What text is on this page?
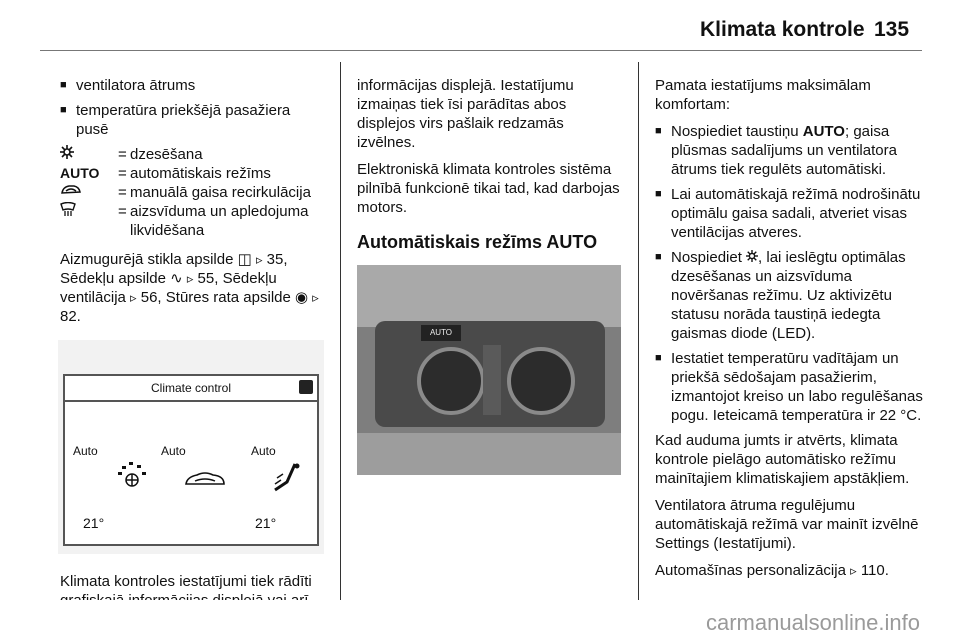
Klimata kontrole 135
■ ventilatora ātrums
■ temperatūra priekšējā pasažiera pusē
= dzesēšana
AUTO	= automātiskais režīms
= manuālā gaisa recirkulācija
= aizsvīduma un apledojuma likvidēšana

Aizmugurējā stikla apsilde ◫ ▹ 35, Sēdekļu apsilde ∿ ▹ 55, Sēdekļu ventilācija ▹ 56, Stūres rata apsilde ◉ ▹ 82.

Climate control
Auto	Auto	Auto
21°	21°

Klimata kontroles iestatījumi tiek rādīti

informācijas displejā. Iestatījumu izmaiņas tiek īsi parādītas abos displejos virs pašlaik redzamās izvēlnes.

Elektroniskā klimata kontroles sistēma pilnībā funkcionē tikai tad, kad darbojas motors.

Automātiskais režīms AUTO
AUTO

Pamata iestatījums maksimālam komfortam:

■ Nospiediet taustiņu AUTO; gaisa plūsmas sadalījums un ventilatora ātrums tiek regulēts automātiski.
■ Lai automātiskajā režīmā nodrošinātu optimālu gaisa sadali, atveriet visas ventilācijas atveres.
■ Nospiediet , lai ieslēgtu optimālas dzesēšanas un aizsvīduma novēršanas režīmu. Uz aktivizētu statusu norāda taustiņā iedegta gaismas diode (LED).
■ Iestatiet temperatūru vadītājam un priekšā sēdošajam pasažierim, izmantojot kreiso un labo regulēšanas pogu. Ieteicamā temperatūra ir 22 °C.

Kad auduma jumts ir atvērts, klimata kontrole pielāgo automātisko režīmu mainītajiem klimatiskajiem apstākļiem.

Ventilatora ātruma regulējumu automātiskajā režīmā var mainīt izvēlnē Settings (Iestatījumi).

Automašīnas personalizācija ▹ 110.

carmanualsonline.info
